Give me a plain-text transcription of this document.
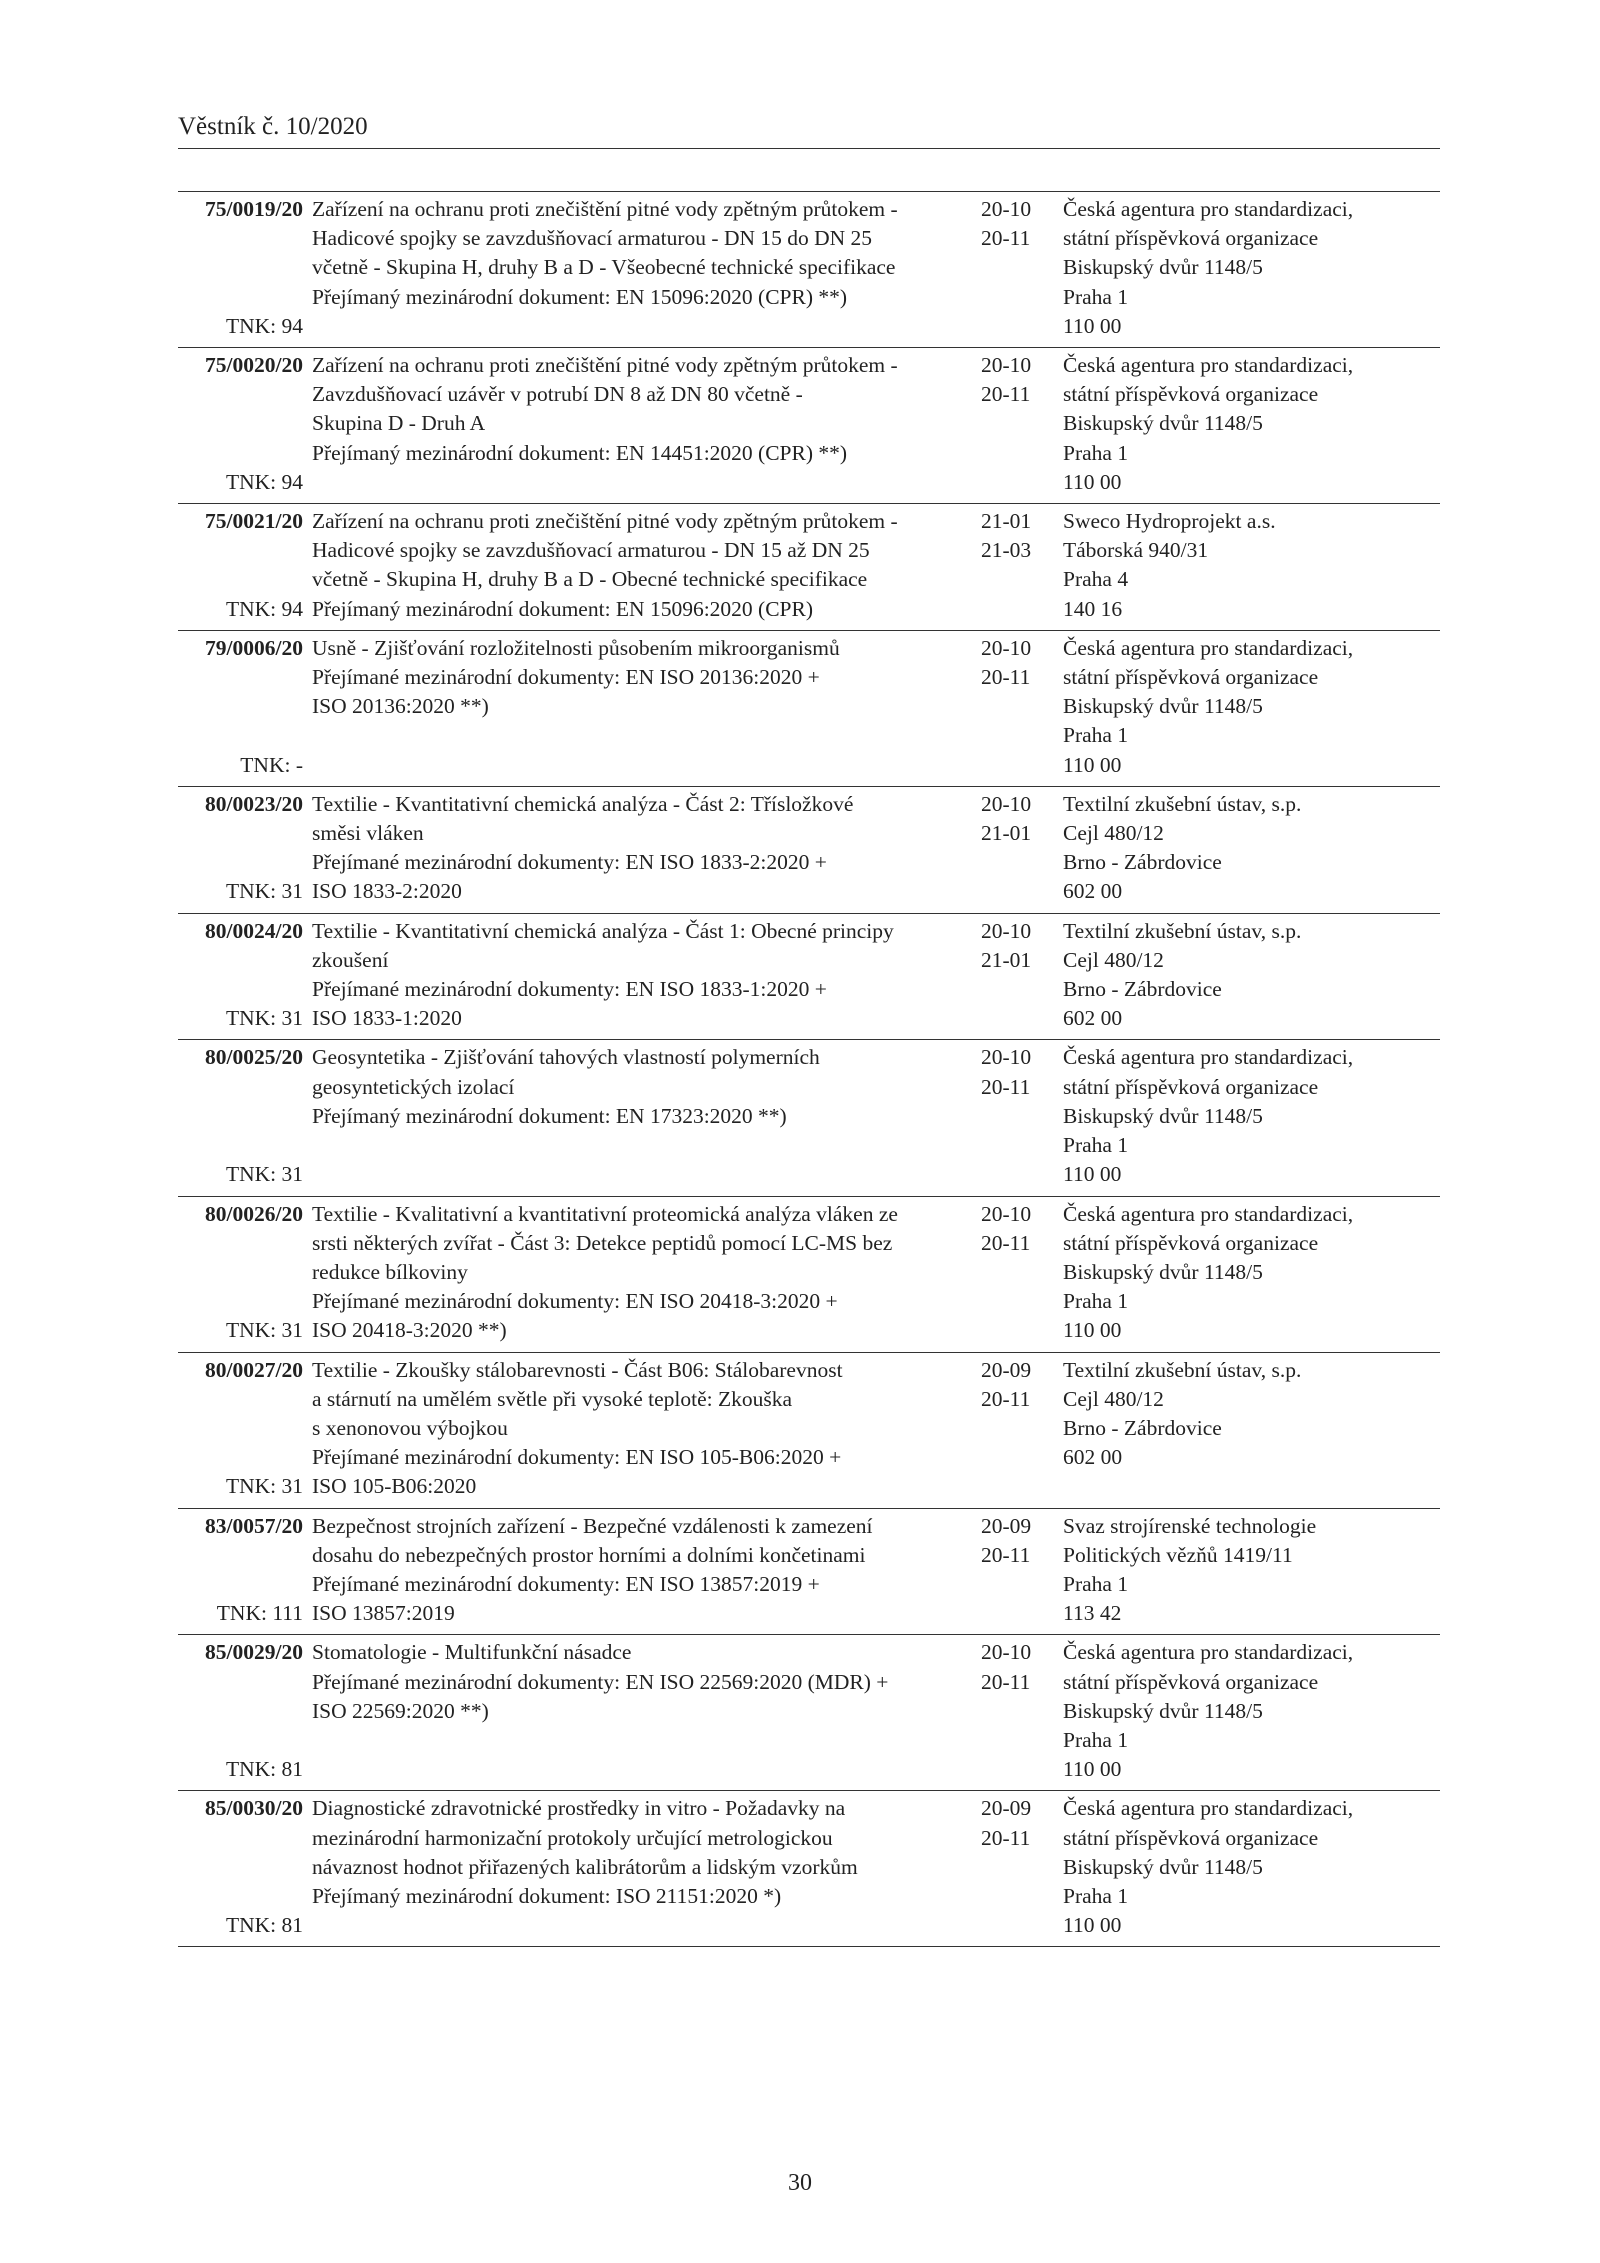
Věstník č. 10/2020
75/0019/20
TNK: 94
Zařízení na ochranu proti znečištění pitné vody zpětným průtokem -
Hadicové spojky se zavzdušňovací armaturou - DN 15 do DN 25
včetně - Skupina H, druhy B a D - Všeobecné technické specifikace
Přejímaný mezinárodní dokument: EN 15096:2020 (CPR) **)
20-10
20-11
Česká agentura pro standardizaci,
státní příspěvková organizace
Biskupský dvůr 1148/5
Praha 1
110 00
75/0020/20
TNK: 94
Zařízení na ochranu proti znečištění pitné vody zpětným průtokem -
Zavzdušňovací uzávěr v potrubí DN 8 až DN 80 včetně -
Skupina D - Druh A
Přejímaný mezinárodní dokument: EN 14451:2020 (CPR) **)
20-10
20-11
Česká agentura pro standardizaci,
státní příspěvková organizace
Biskupský dvůr 1148/5
Praha 1
110 00
75/0021/20
TNK: 94
Zařízení na ochranu proti znečištění pitné vody zpětným průtokem -
Hadicové spojky se zavzdušňovací armaturou - DN 15 až DN 25
včetně - Skupina H, druhy B a D - Obecné technické specifikace
Přejímaný mezinárodní dokument: EN 15096:2020 (CPR)
21-01
21-03
Sweco Hydroprojekt a.s.
Táborská 940/31
Praha 4
140 16
79/0006/20
TNK: -
Usně - Zjišťování rozložitelnosti působením mikroorganismů
Přejímané mezinárodní dokumenty: EN ISO 20136:2020 +
ISO 20136:2020 **)
20-10
20-11
Česká agentura pro standardizaci,
státní příspěvková organizace
Biskupský dvůr 1148/5
Praha 1
110 00
80/0023/20
TNK: 31
Textilie - Kvantitativní chemická analýza - Část 2: Třísložkové
směsi vláken
Přejímané mezinárodní dokumenty: EN ISO 1833-2:2020 +
ISO 1833-2:2020
20-10
21-01
Textilní zkušební ústav, s.p.
Cejl 480/12
Brno - Zábrdovice
602 00
80/0024/20
TNK: 31
Textilie - Kvantitativní chemická analýza - Část 1: Obecné principy
zkoušení
Přejímané mezinárodní dokumenty: EN ISO 1833-1:2020 +
ISO 1833-1:2020
20-10
21-01
Textilní zkušební ústav, s.p.
Cejl 480/12
Brno - Zábrdovice
602 00
80/0025/20
TNK: 31
Geosyntetika - Zjišťování tahových vlastností polymerních
geosyntetických izolací
Přejímaný mezinárodní dokument: EN 17323:2020 **)
20-10
20-11
Česká agentura pro standardizaci,
státní příspěvková organizace
Biskupský dvůr 1148/5
Praha 1
110 00
80/0026/20
TNK: 31
Textilie - Kvalitativní a kvantitativní proteomická analýza vláken ze
srsti některých zvířat - Část 3: Detekce peptidů pomocí LC-MS bez
redukce bílkoviny
Přejímané mezinárodní dokumenty: EN ISO 20418-3:2020 +
ISO 20418-3:2020 **)
20-10
20-11
Česká agentura pro standardizaci,
státní příspěvková organizace
Biskupský dvůr 1148/5
Praha 1
110 00
80/0027/20
TNK: 31
Textilie - Zkoušky stálobarevnosti - Část B06: Stálobarevnost
a stárnutí na umělém světle při vysoké teplotě: Zkouška
s xenonovou výbojkou
Přejímané mezinárodní dokumenty: EN ISO 105-B06:2020 +
ISO 105-B06:2020
20-09
20-11
Textilní zkušební ústav, s.p.
Cejl 480/12
Brno - Zábrdovice
602 00
83/0057/20
TNK: 111
Bezpečnost strojních zařízení - Bezpečné vzdálenosti k zamezení
dosahu do nebezpečných prostor horními a dolními končetinami
Přejímané mezinárodní dokumenty: EN ISO 13857:2019 +
ISO 13857:2019
20-09
20-11
Svaz strojírenské technologie
Politických vězňů 1419/11
Praha 1
113 42
85/0029/20
TNK: 81
Stomatologie - Multifunkční násadce
Přejímané mezinárodní dokumenty: EN ISO 22569:2020 (MDR) +
ISO 22569:2020 **)
20-10
20-11
Česká agentura pro standardizaci,
státní příspěvková organizace
Biskupský dvůr 1148/5
Praha 1
110 00
85/0030/20
TNK: 81
Diagnostické zdravotnické prostředky in vitro - Požadavky na
mezinárodní harmonizační protokoly určující metrologickou
návaznost hodnot přiřazených kalibrátorům a lidským vzorkům
Přejímaný mezinárodní dokument: ISO 21151:2020 *)
20-09
20-11
Česká agentura pro standardizaci,
státní příspěvková organizace
Biskupský dvůr 1148/5
Praha 1
110 00
30
